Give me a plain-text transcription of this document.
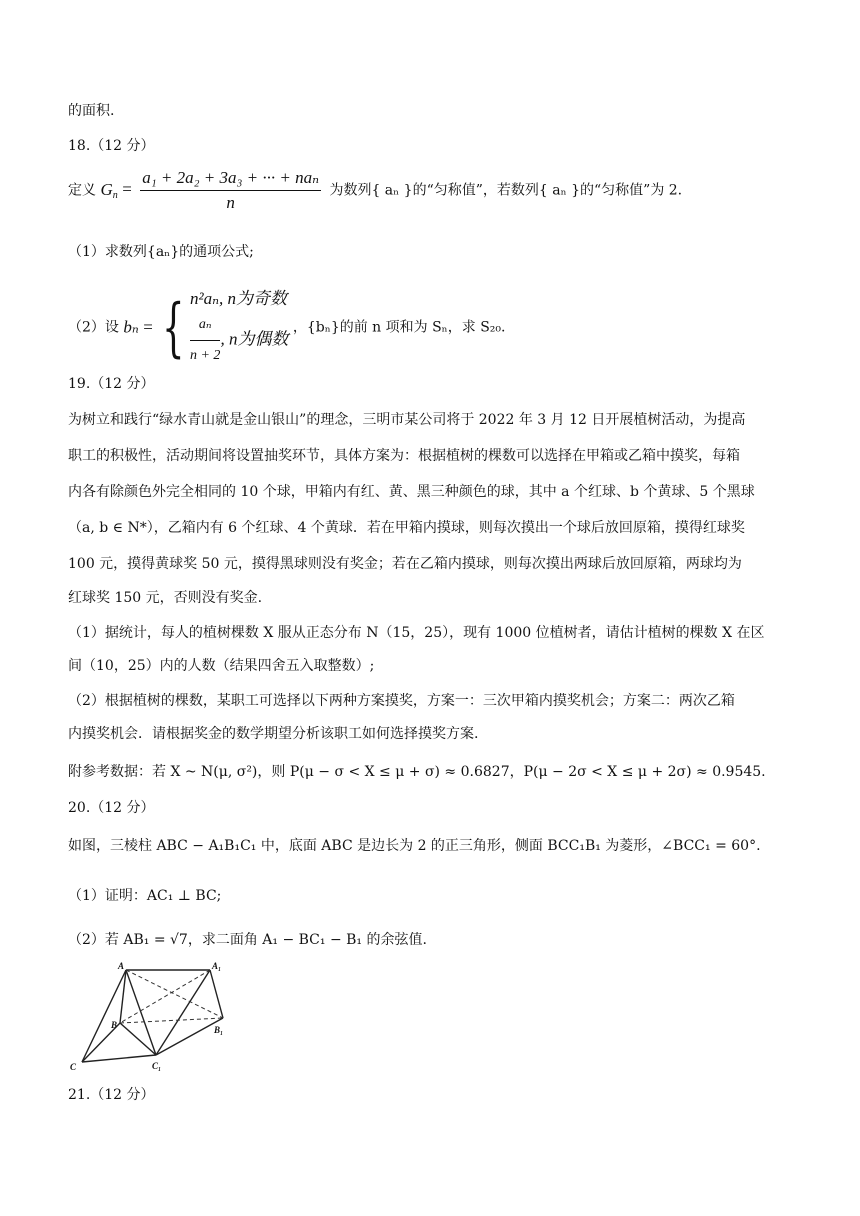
的面积.
18.（12 分）
定义 $G_n = \frac{\text{a₁ + 2a₂ + 3a₃ + ··· + naₙ}}{n}$ 为数列{ aₙ }的“匀称值”，若数列{ aₙ }的“匀称值”为 2.
（1）求数列{aₙ}的通项公式;
（2）设 bₙ = { n²aₙ, n为奇数
$\frac{\text{aₙ}}{n + 2}$ , n为偶数
，{bₙ}的前 n 项和为 Sₙ，求 S₂₀.
19.（12 分）
为树立和践行“绿水青山就是金山银山”的理念，三明市某公司将于 2022 年 3 月 12 日开展植树活动，为提高
职工的积极性，活动期间将设置抽奖环节，具体方案为：根据植树的棵数可以选择在甲箱或乙箱中摸奖，每箱
内各有除颜色外完全相同的 10 个球，甲箱内有红、黄、黑三种颜色的球，其中 a 个红球、b 个黄球、5 个黑球
（a, b ∈ N*），乙箱内有 6 个红球、4 个黄球．若在甲箱内摸球，则每次摸出一个球后放回原箱，摸得红球奖
100 元，摸得黄球奖 50 元，摸得黑球则没有奖金；若在乙箱内摸球，则每次摸出两球后放回原箱，两球均为
红球奖 150 元，否则没有奖金.
（1）据统计，每人的植树棵数 X 服从正态分布 N（15，25），现有 1000 位植树者，请估计植树的棵数 X 在区
间（10，25）内的人数（结果四舍五入取整数）;
（2）根据植树的棵数，某职工可选择以下两种方案摸奖，方案一：三次甲箱内摸奖机会；方案二：两次乙箱
内摸奖机会．请根据奖金的数学期望分析该职工如何选择摸奖方案.
附参考数据：若 X ~ N(μ, σ²)，则 P(μ − σ < X ≤ μ + σ) ≈ 0.6827，P(μ − 2σ < X ≤ μ + 2σ) ≈ 0.9545.
20.（12 分）
如图，三棱柱 ABC − A₁B₁C₁ 中，底面 ABC 是边长为 2 的正三角形，侧面 BCC₁B₁ 为菱形，∠BCC₁ = 60°.
（1）证明：AC₁ ⊥ BC;
（2）若 AB₁ = √7，求二面角 A₁ − BC₁ − B₁ 的余弦值.
A	A₁
B	B₁
C	C₁
21.（12 分）
